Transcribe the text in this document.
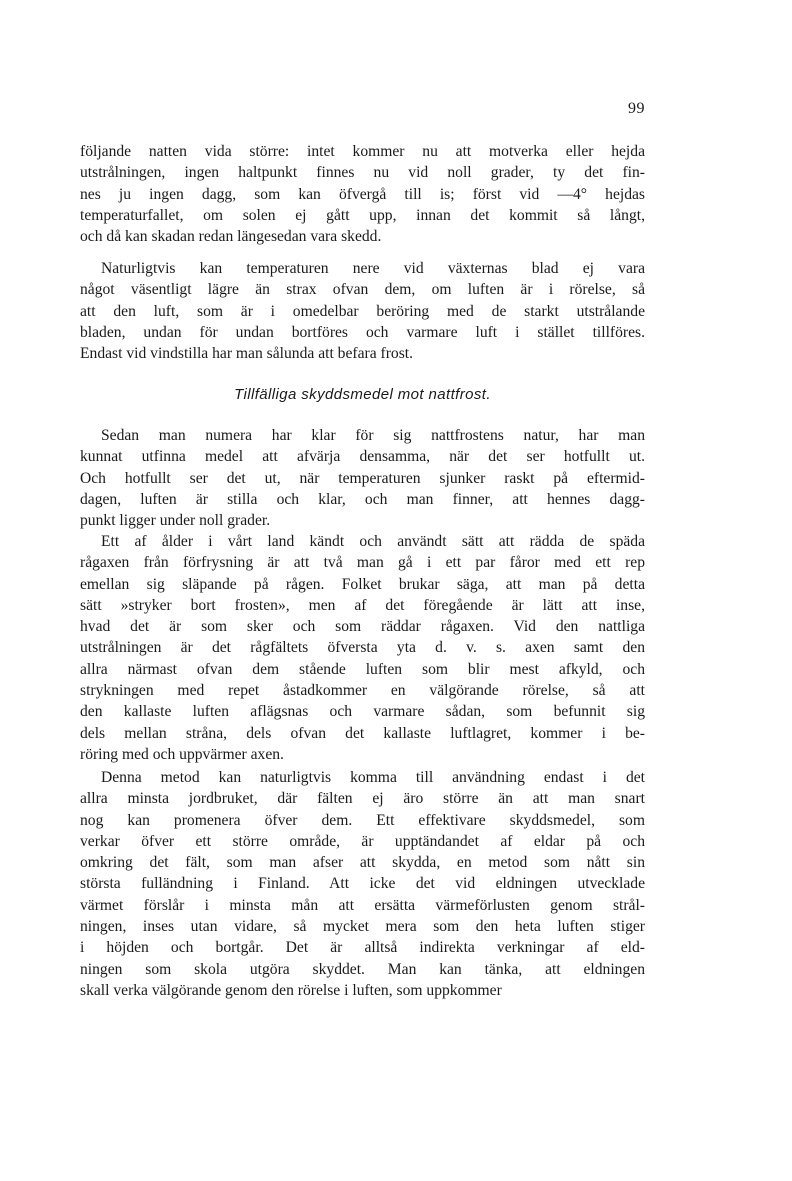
99
följande natten vida större: intet kommer nu att motverka eller hejda
utstrålningen, ingen haltpunkt finnes nu vid noll grader, ty det fin-
nes ju ingen dagg, som kan öfvergå till is; först vid —4° hejdas
temperaturfallet, om solen ej gått upp, innan det kommit så långt,
och då kan skadan redan längesedan vara skedd.
Naturligtvis kan temperaturen nere vid växternas blad ej vara
något väsentligt lägre än strax ofvan dem, om luften är i rörelse, så
att den luft, som är i omedelbar beröring med de starkt utstrålande
bladen, undan för undan bortföres och varmare luft i stället tillföres.
Endast vid vindstilla har man sålunda att befara frost.
Tillfälliga skyddsmedel mot nattfrost.
Sedan man numera har klar för sig nattfrostens natur, har man
kunnat utfinna medel att afvärja densamma, när det ser hotfullt ut.
Och hotfullt ser det ut, när temperaturen sjunker raskt på eftermid-
dagen, luften är stilla och klar, och man finner, att hennes dagg-
punkt ligger under noll grader.
Ett af ålder i vårt land kändt och användt sätt att rädda de späda
rågaxen från förfrysning är att två man gå i ett par fåror med ett rep
emellan sig släpande på rågen. Folket brukar säga, att man på detta
sätt »stryker bort frosten», men af det föregående är lätt att inse,
hvad det är som sker och som räddar rågaxen. Vid den nattliga
utstrålningen är det rågfältets öfversta yta d. v. s. axen samt den
allra närmast ofvan dem stående luften som blir mest afkyld, och
strykningen med repet åstadkommer en välgörande rörelse, så att
den kallaste luften aflägsnas och varmare sådan, som befunnit sig
dels mellan stråna, dels ofvan det kallaste luftlagret, kommer i be-
röring med och uppvärmer axen.
Denna metod kan naturligtvis komma till användning endast i det
allra minsta jordbruket, där fälten ej äro större än att man snart
nog kan promenera öfver dem. Ett effektivare skyddsmedel, som
verkar öfver ett större område, är upptändandet af eldar på och
omkring det fält, som man afser att skydda, en metod som nått sin
största fulländning i Finland. Att icke det vid eldningen utvecklade
värmet förslår i minsta mån att ersätta värmeförlusten genom strål-
ningen, inses utan vidare, så mycket mera som den heta luften stiger
i höjden och bortgår. Det är alltså indirekta verkningar af eld-
ningen som skola utgöra skyddet. Man kan tänka, att eldningen
skall verka välgörande genom den rörelse i luften, som uppkommer
